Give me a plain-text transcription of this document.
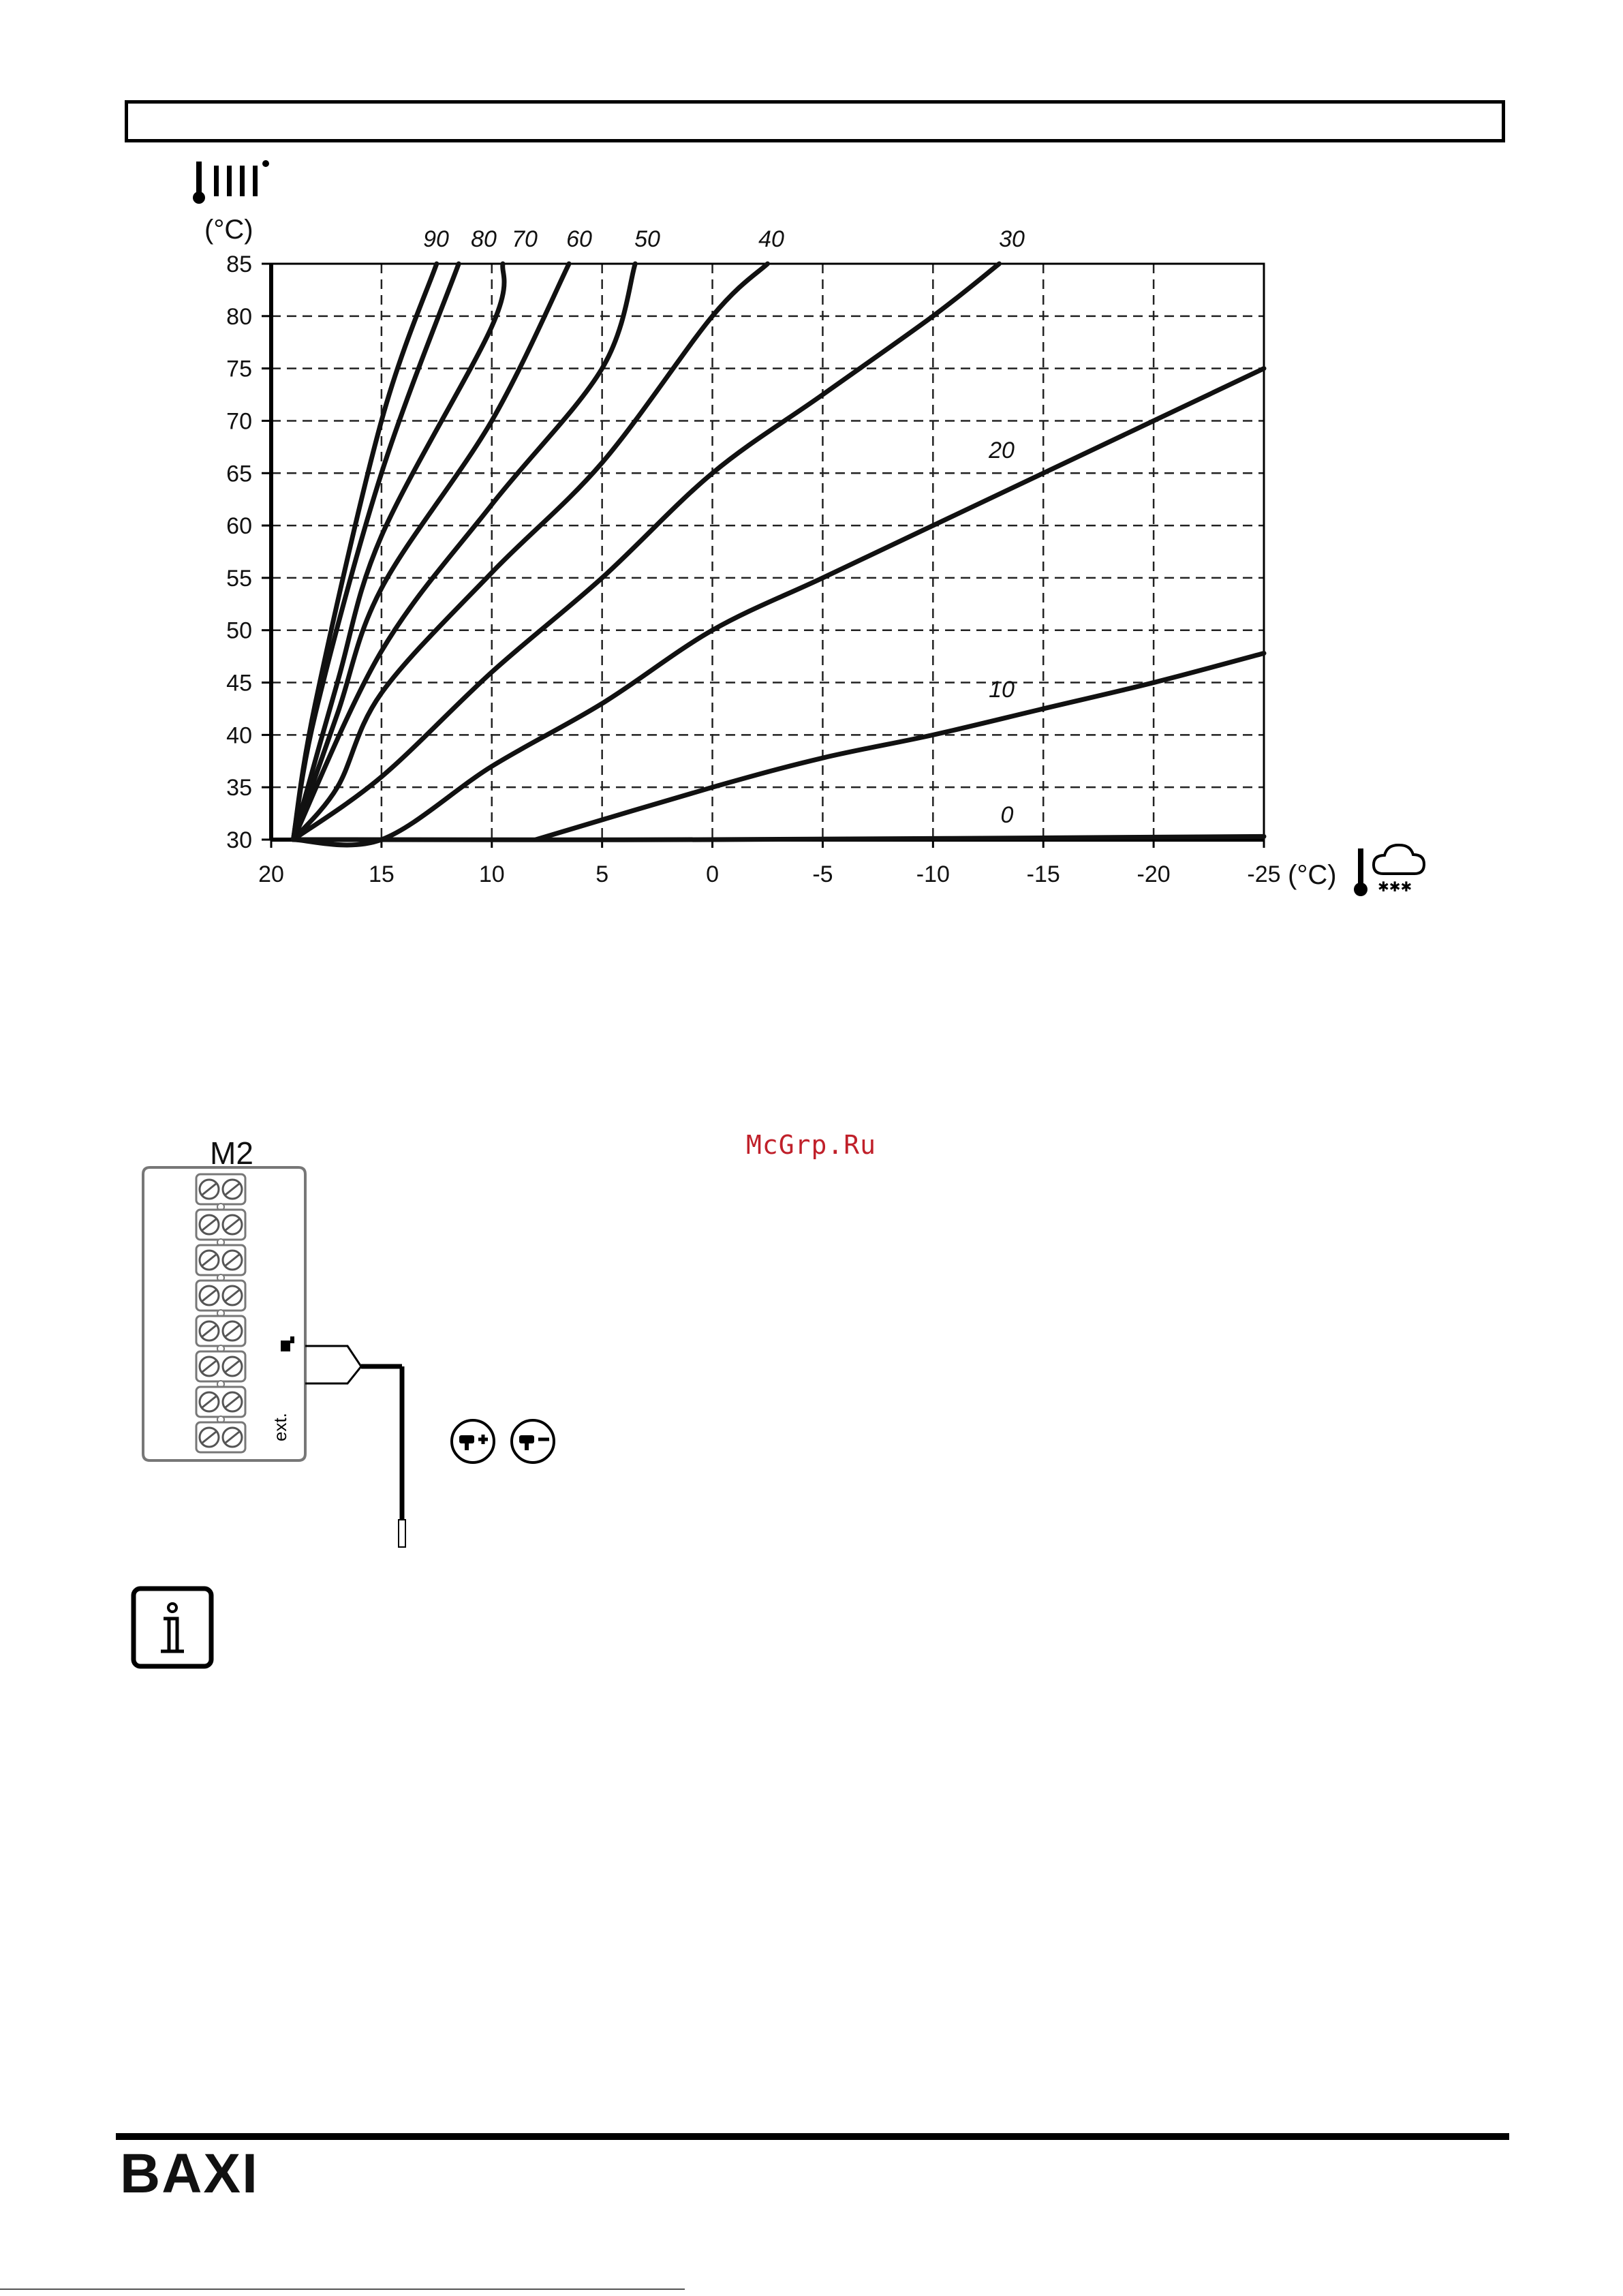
(°C)
20	15	10	5	0	-5	-10	-15	-20	-25
30
35
40
45
50
55
60
65
70
75
80
85
0
10
20
30
40
50
60
70
80
90
(°C)	✱✱✱
McGrp.Ru
M2
ext.
BAXI
